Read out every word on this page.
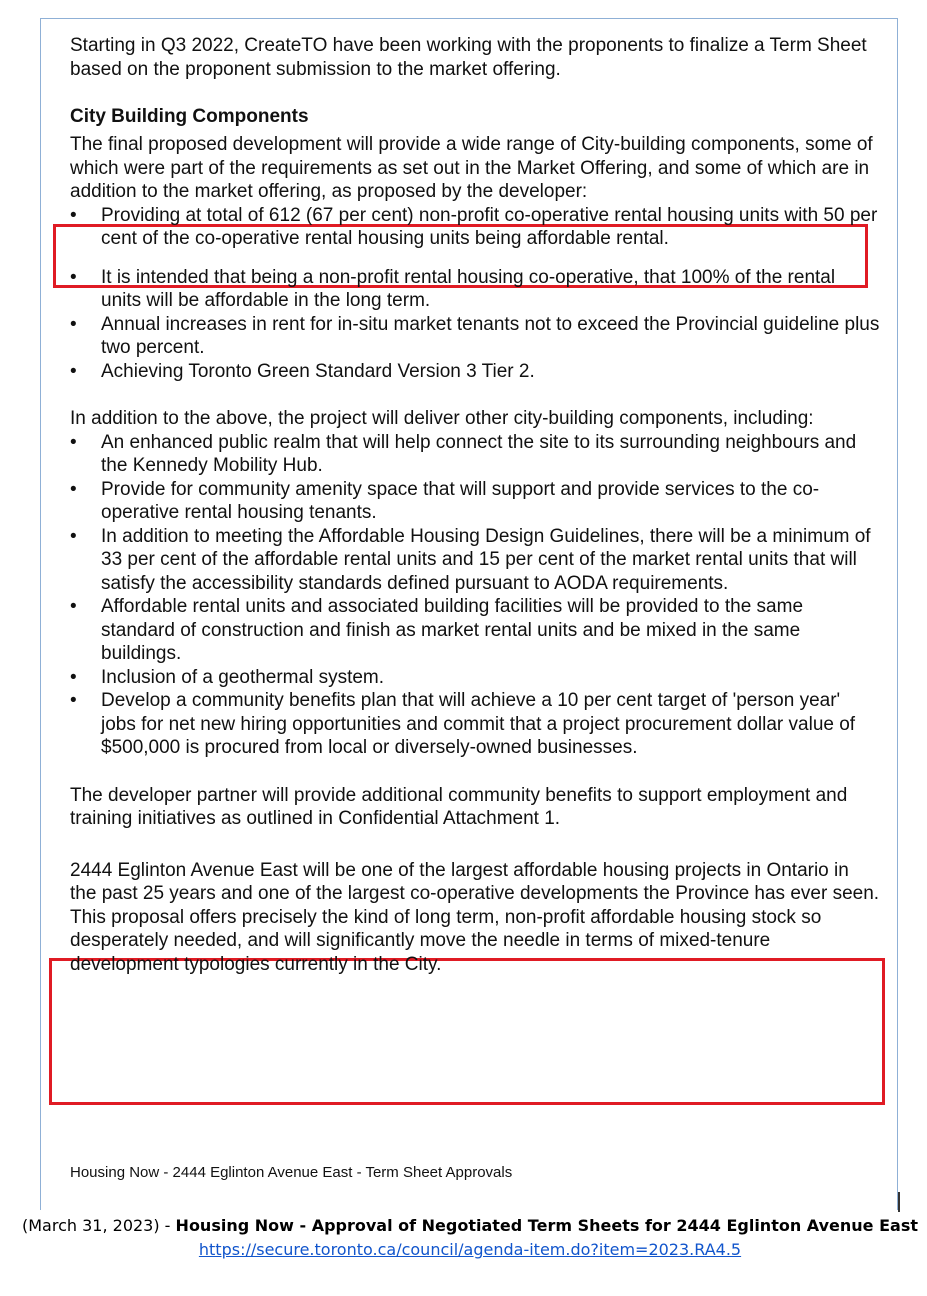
Starting in Q3 2022, CreateTO have been working with the proponents to finalize a Term Sheet based on the proponent submission to the market offering.

City Building Components

The final proposed development will provide a wide range of City-building components, some of which were part of the requirements as set out in the Market Offering, and some of which are in addition to the market offering, as proposed by the developer:

• Providing at total of 612 (67 per cent) non-profit co-operative rental housing units with 50 per cent of the co-operative rental housing units being affordable rental.
• It is intended that being a non-profit rental housing co-operative, that 100% of the rental units will be affordable in the long term.
• Annual increases in rent for in-situ market tenants not to exceed the Provincial guideline plus two percent.
• Achieving Toronto Green Standard Version 3 Tier 2.

In addition to the above, the project will deliver other city-building components, including:

• An enhanced public realm that will help connect the site to its surrounding neighbours and the Kennedy Mobility Hub.
• Provide for community amenity space that will support and provide services to the co-operative rental housing tenants.
• In addition to meeting the Affordable Housing Design Guidelines, there will be a minimum of 33 per cent of the affordable rental units and 15 per cent of the market rental units that will satisfy the accessibility standards defined pursuant to AODA requirements.
• Affordable rental units and associated building facilities will be provided to the same standard of construction and finish as market rental units and be mixed in the same buildings.
• Inclusion of a geothermal system.
• Develop a community benefits plan that will achieve a 10 per cent target of 'person year' jobs for net new hiring opportunities and commit that a project procurement dollar value of $500,000 is procured from local or diversely-owned businesses.

The developer partner will provide additional community benefits to support employment and training initiatives as outlined in Confidential Attachment 1.

2444 Eglinton Avenue East will be one of the largest affordable housing projects in Ontario in the past 25 years and one of the largest co-operative developments the Province has ever seen. This proposal offers precisely the kind of long term, non-profit affordable housing stock so desperately needed, and will significantly move the needle in terms of mixed-tenure development typologies currently in the City.

Housing Now - 2444 Eglinton Avenue East - Term Sheet Approvals
(March 31, 2023) - Housing Now - Approval of Negotiated Term Sheets for 2444 Eglinton Avenue East
https://secure.toronto.ca/council/agenda-item.do?item=2023.RA4.5
